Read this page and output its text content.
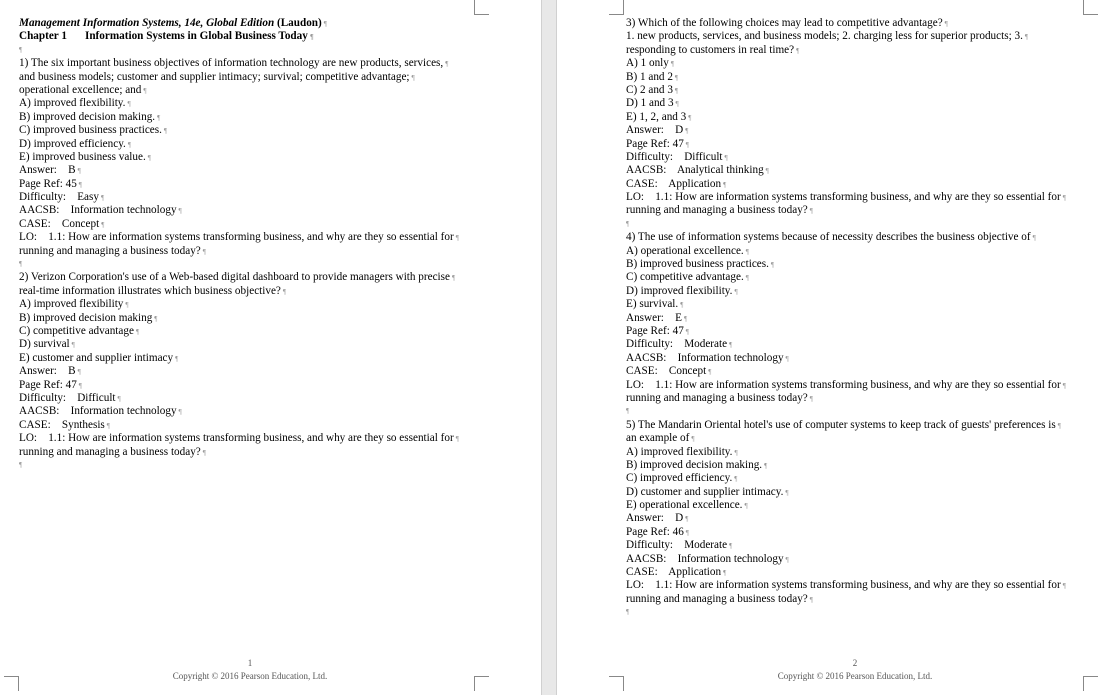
Management Information Systems, 14e, Global Edition (Laudon) ¶
Chapter 1 Information Systems in Global Business Today ¶
¶
1) The six important business objectives of information technology are new products, services, ¶
and business models; customer and supplier intimacy; survival; competitive advantage; ¶
operational excellence; and ¶
A) improved flexibility. ¶
B) improved decision making. ¶
C) improved business practices. ¶
D) improved efficiency. ¶
E) improved business value. ¶
Answer:    B ¶
Page Ref: 45 ¶
Difficulty:    Easy ¶
AACSB:    Information technology ¶
CASE:    Concept ¶
LO:    1.1: How are information systems transforming business, and why are they so essential for ¶
running and managing a business today? ¶
¶
2) Verizon Corporation's use of a Web-based digital dashboard to provide managers with precise ¶
real-time information illustrates which business objective? ¶
A) improved flexibility ¶
B) improved decision making ¶
C) competitive advantage ¶
D) survival ¶
E) customer and supplier intimacy ¶
Answer:    B ¶
Page Ref: 47 ¶
Difficulty:    Difficult ¶
AACSB:    Information technology ¶
CASE:    Synthesis ¶
LO:    1.1: How are information systems transforming business, and why are they so essential for ¶
running and managing a business today? ¶
¶
1
Copyright © 2016 Pearson Education, Ltd.
3) Which of the following choices may lead to competitive advantage? ¶
1. new products, services, and business models; 2. charging less for superior products; 3. ¶
responding to customers in real time? ¶
A) 1 only ¶
B) 1 and 2 ¶
C) 2 and 3 ¶
D) 1 and 3 ¶
E) 1, 2, and 3 ¶
Answer:    D ¶
Page Ref: 47 ¶
Difficulty:    Difficult ¶
AACSB:    Analytical thinking ¶
CASE:    Application ¶
LO:    1.1: How are information systems transforming business, and why are they so essential for ¶
running and managing a business today? ¶
¶
4) The use of information systems because of necessity describes the business objective of ¶
A) operational excellence. ¶
B) improved business practices. ¶
C) competitive advantage. ¶
D) improved flexibility. ¶
E) survival. ¶
Answer:    E ¶
Page Ref: 47 ¶
Difficulty:    Moderate ¶
AACSB:    Information technology ¶
CASE:    Concept ¶
LO:    1.1: How are information systems transforming business, and why are they so essential for ¶
running and managing a business today? ¶
¶
5) The Mandarin Oriental hotel's use of computer systems to keep track of guests' preferences is ¶
an example of ¶
A) improved flexibility. ¶
B) improved decision making. ¶
C) improved efficiency. ¶
D) customer and supplier intimacy. ¶
E) operational excellence. ¶
Answer:    D ¶
Page Ref: 46 ¶
Difficulty:    Moderate ¶
AACSB:    Information technology ¶
CASE:    Application ¶
LO:    1.1: How are information systems transforming business, and why are they so essential for ¶
running and managing a business today? ¶
¶
2
Copyright © 2016 Pearson Education, Ltd.
